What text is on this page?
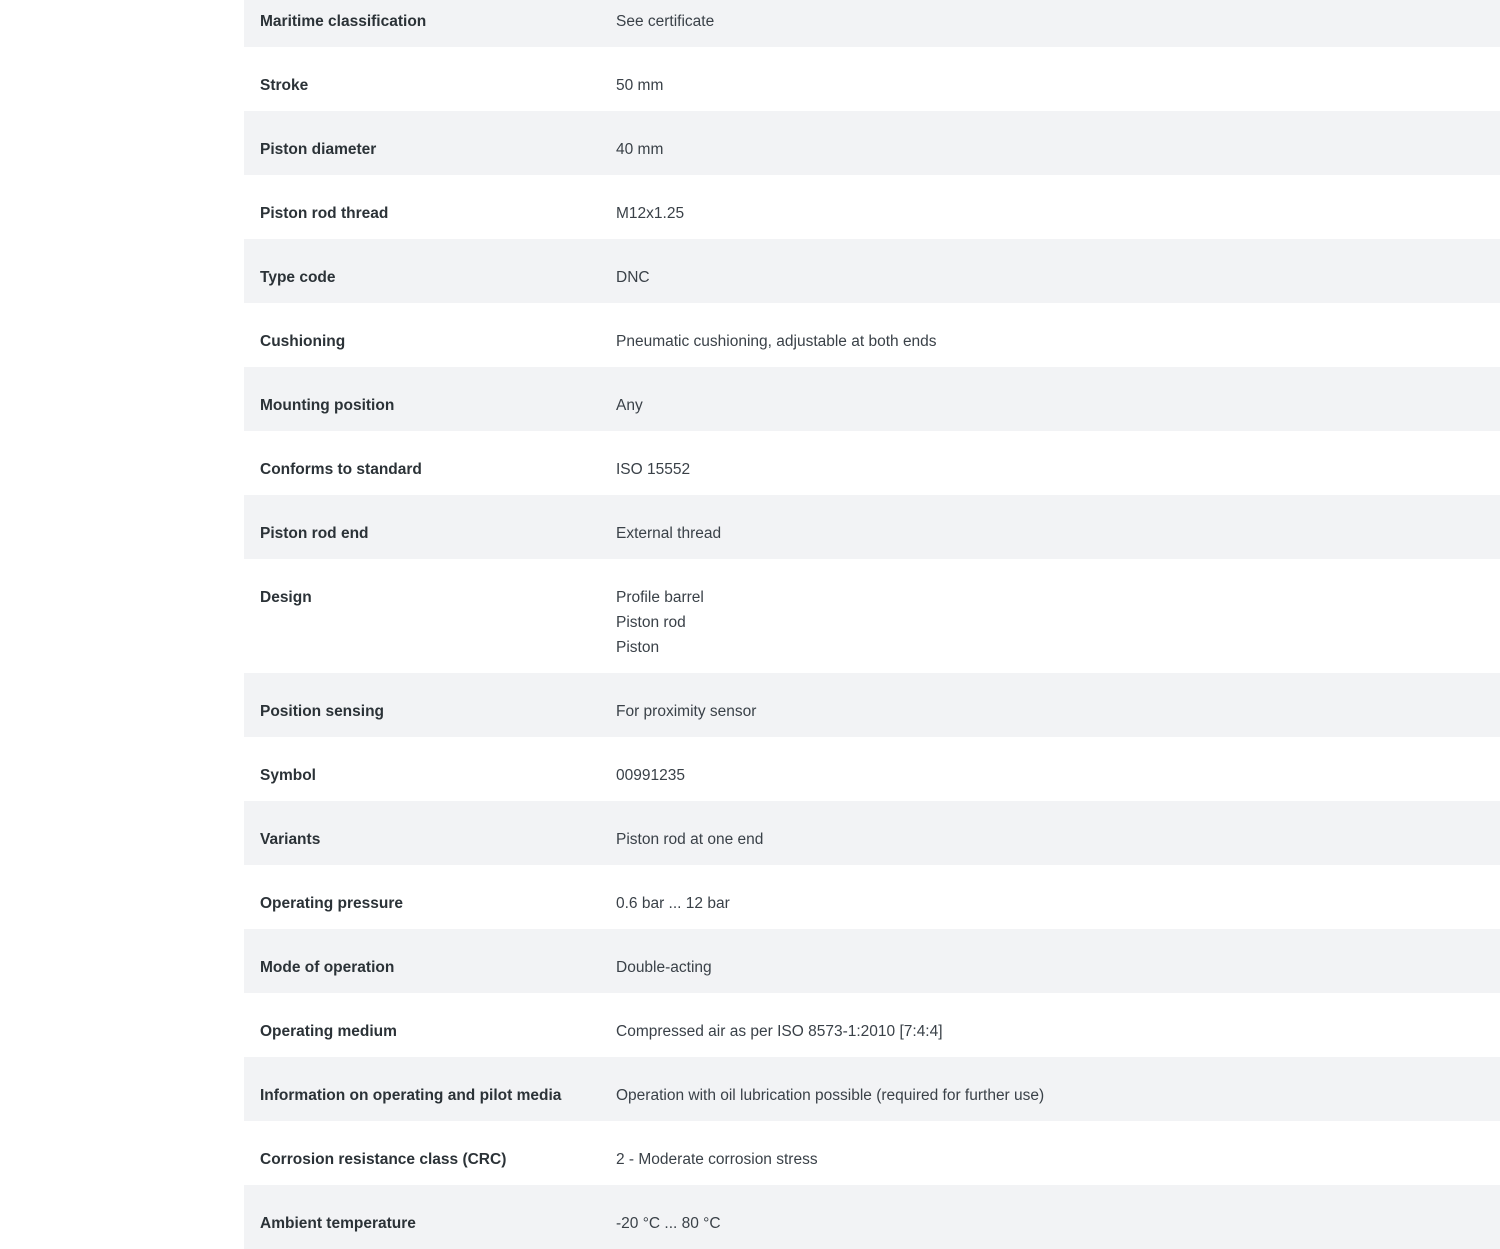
Maritime classification	See certificate
Stroke	50 mm
Piston diameter	40 mm
Piston rod thread	M12x1.25
Type code	DNC
Cushioning	Pneumatic cushioning, adjustable at both ends
Mounting position	Any
Conforms to standard	ISO 15552
Piston rod end	External thread
Design	Profile barrel
Piston rod
Piston
Position sensing	For proximity sensor
Symbol	00991235
Variants	Piston rod at one end
Operating pressure	0.6 bar ... 12 bar
Mode of operation	Double-acting
Operating medium	Compressed air as per ISO 8573-1:2010 [7:4:4]
Information on operating and pilot media	Operation with oil lubrication possible (required for further use)
Corrosion resistance class (CRC)	2 - Moderate corrosion stress
Ambient temperature	-20 °C ... 80 °C
